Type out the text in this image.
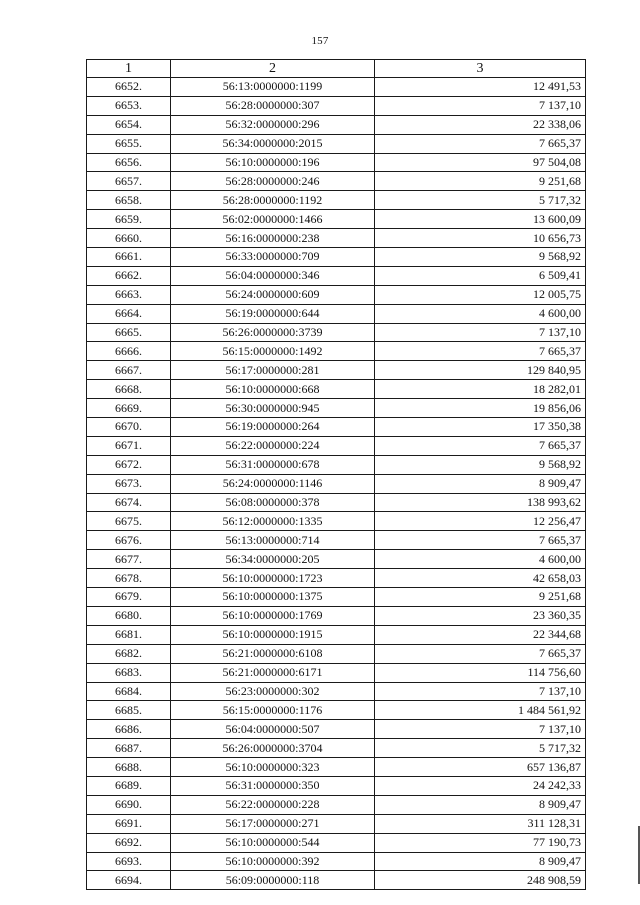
157
1	2	3
6652.	56:13:0000000:1199	12 491,53
6653.	56:28:0000000:307	7 137,10
6654.	56:32:0000000:296	22 338,06
6655.	56:34:0000000:2015	7 665,37
6656.	56:10:0000000:196	97 504,08
6657.	56:28:0000000:246	9 251,68
6658.	56:28:0000000:1192	5 717,32
6659.	56:02:0000000:1466	13 600,09
6660.	56:16:0000000:238	10 656,73
6661.	56:33:0000000:709	9 568,92
6662.	56:04:0000000:346	6 509,41
6663.	56:24:0000000:609	12 005,75
6664.	56:19:0000000:644	4 600,00
6665.	56:26:0000000:3739	7 137,10
6666.	56:15:0000000:1492	7 665,37
6667.	56:17:0000000:281	129 840,95
6668.	56:10:0000000:668	18 282,01
6669.	56:30:0000000:945	19 856,06
6670.	56:19:0000000:264	17 350,38
6671.	56:22:0000000:224	7 665,37
6672.	56:31:0000000:678	9 568,92
6673.	56:24:0000000:1146	8 909,47
6674.	56:08:0000000:378	138 993,62
6675.	56:12:0000000:1335	12 256,47
6676.	56:13:0000000:714	7 665,37
6677.	56:34:0000000:205	4 600,00
6678.	56:10:0000000:1723	42 658,03
6679.	56:10:0000000:1375	9 251,68
6680.	56:10:0000000:1769	23 360,35
6681.	56:10:0000000:1915	22 344,68
6682.	56:21:0000000:6108	7 665,37
6683.	56:21:0000000:6171	114 756,60
6684.	56:23:0000000:302	7 137,10
6685.	56:15:0000000:1176	1 484 561,92
6686.	56:04:0000000:507	7 137,10
6687.	56:26:0000000:3704	5 717,32
6688.	56:10:0000000:323	657 136,87
6689.	56:31:0000000:350	24 242,33
6690.	56:22:0000000:228	8 909,47
6691.	56:17:0000000:271	311 128,31
6692.	56:10:0000000:544	77 190,73
6693.	56:10:0000000:392	8 909,47
6694.	56:09:0000000:118	248 908,59
